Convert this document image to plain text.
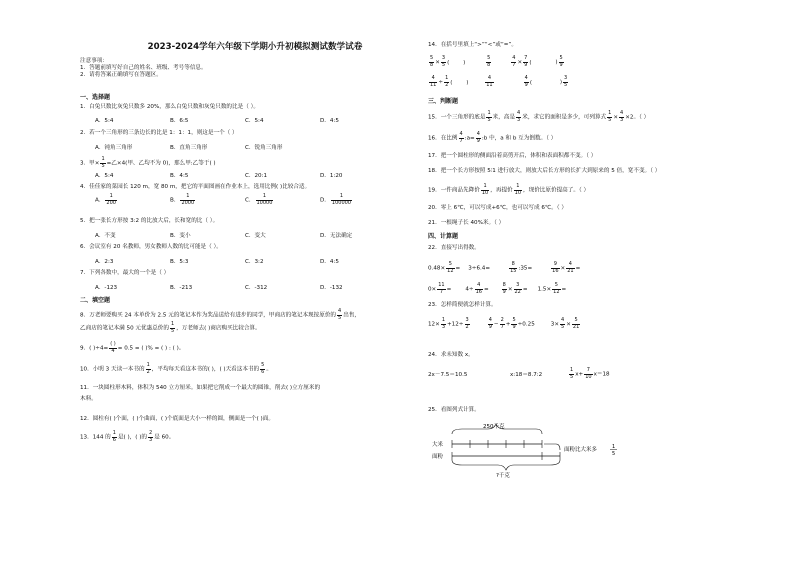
2023-2024学年六年级下学期小升初模拟测试数学试卷
注意事项：
1．答题前填写好自己的姓名、班级、考号等信息。
2．请将答案正确填写在答题区。
一、选择题
1．白兔只数比灰兔只数多 20%，那么白兔只数和灰兔只数的比是（ ）。
A．5:4	B．6:5	C．5:4	D．4:5
2．若一个三角形的三条边长的比是 1：1：1，则这是一个（ ）
A．钝角三角形	B．直角三角形	C．锐角三角形
3．甲× $\frac{1}{5}$ =乙×4(甲、乙均不为 0)，那么甲:乙等于( )
A．5:4	B．4:5	C．20:1	D．1:20
4．佳佳家的菜园长 120 m，宽 80 m，把它的平面图画在作业本上，选用比例( )比较合适。
A． $\frac{1}{200}$	B． $\frac{1}{2000}$	C． $\frac{1}{10000}$	D． $\frac{1}{100000}$
5．把一张长方形按 3:2 的比放大后，长和宽的比（ ）。
A．不变	B．变小	C．变大	D．无法确定
6．会议室有 20 名教师，男女教师人数的比可能是（ ）。
A．2:3	B．5:3	C．3:2	D．4:5
7．下列各数中，最大的一个是（ ）
A．-123	B．-213	C．-312	D．-132
二、填空题
8．万老师要购买 24 本单价为 2.5 元的笔记本作为奖品送给有进步的同学，甲商店的笔记本现按原价的 $\frac{4}{5}$ 出售，
乙商店的笔记本满 50 元优惠总价的 $\frac{1}{5}$ ，万老师去( )商店购买比较合算。
9．( )$\div 4= \frac{( )}{4} = 0.5$ = ( )% = ( ) : ( )。
10．小明 3 天读一本书的 $\frac{1}{2}$ ，平均每天看这本书的( )，( )天看这本书的 $\frac{5}{6}$ 。
11．一块圆柱形木料，体积为 540 立方厘米。如果把它削成一个最大的圆锥，削去( )立方厘米的
木料。
12．圆柱有( )个面，( )个曲面，( )个底面是大小一样的圆，侧面是一个( )面。
13．144 的 $\frac{1}{6}$ 是( )，( )的 $\frac{2}{3}$ 是 60。
14．在括号里填上“>”“<”或“=”。
$\frac{5}{8} \times \frac{3}{5}$ ( )	$\frac{5}{8}$	$\frac{4}{7} \times \frac{7}{9}$ (	) $\frac{5}{9}$
$\frac{4}{11} \div \frac{1}{2}$ ( )	$\frac{4}{11}$	$\frac{4}{9}$ (	) $\frac{3}{5}$
三、判断题
15．一个三角形的底是 $\frac{1}{5}$ 米，高是 $\frac{4}{3}$ 米，求它的面积是多少，可列算式 $\frac{1}{5} \times \frac{4}{3} \times 2$。（ ）
16．在比例 $\frac{4}{7}$ :a= $\frac{4}{9}$ :b 中，a 和 b 互为倒数。（ ）
17．把一个圆柱形的侧面沿着高剪开后，体积和表面积都不变。（ ）
18．把一个长方形按照 5∶1 进行放大，则放大后长方形的长扩大到原来的 5 倍，宽不变。（ ）
19．一件商品先降价 $\frac{1}{10}$ ，再提价 $\frac{1}{10}$ ，现价比原价提高了。（ ）
20．零上 6℃，可以写成+6℃，也可以写成 6℃。（ ）
21．一根绳子长 40%米。（ ）
四、计算题
22．直接写出得数。
$0.48\times \frac{5}{12} = 3\div 6.4=$	$\frac{8}{15}$ :35=	$\frac{9}{16} \times \frac{4}{21}$ =
$0\times \frac{11}{7}$ =	$4\div \frac{4}{16}$ =	$\frac{8}{9} \times \frac{3}{22} = 1.5\times \frac{5}{12}$ =
23．怎样简便就怎样计算。
$12\times \frac{1}{3} +12\div \frac{3}{2}$	$\frac{4}{9} - \frac{2}{7} + \frac{5}{9} \div 0.25$	$3\times \frac{4}{5} \times \frac{5}{21}$
24．求未知数 x。
2x－7.5＝10.5	x:18＝8.7:2	$\frac{1}{5} x+ \frac{7}{10} x=18$
25．看图列式计算。
250千克
大米
面粉
面粉比大米多	1
5
?千克
